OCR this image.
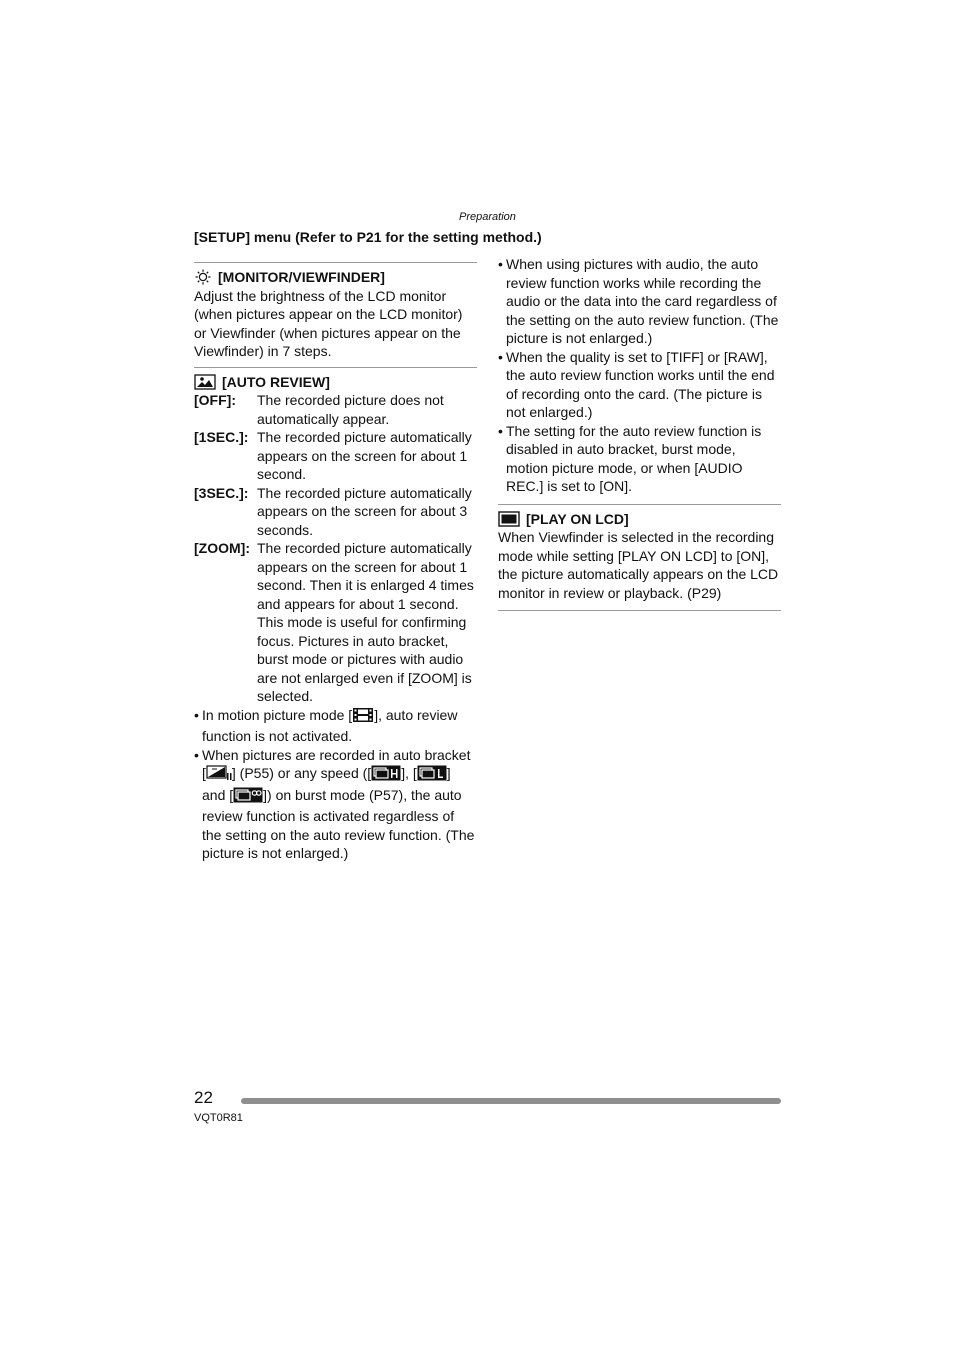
Preparation
[SETUP] menu (Refer to P21 for the setting method.)
[MONITOR/VIEWFINDER]
Adjust the brightness of the LCD monitor (when pictures appear on the LCD monitor) or Viewfinder (when pictures appear on the Viewfinder) in 7 steps.
[AUTO REVIEW]
[OFF]:	The recorded picture does not automatically appear.
[1SEC.]: The recorded picture automatically appears on the screen for about 1 second.
[3SEC.]: The recorded picture automatically appears on the screen for about 3 seconds.
[ZOOM]: The recorded picture automatically appears on the screen for about 1 second. Then it is enlarged 4 times and appears for about 1 second. This mode is useful for confirming focus. Pictures in auto bracket, burst mode or pictures with audio are not enlarged even if [ZOOM] is selected.
• In motion picture mode [ ], auto review function is not activated.
• When pictures are recorded in auto bracket [ ] (P55) or any speed ([ ], [ ] and [ ]) on burst mode (P57), the auto review function is activated regardless of the setting on the auto review function. (The picture is not enlarged.)
• When using pictures with audio, the auto review function works while recording the audio or the data into the card regardless of the setting on the auto review function. (The picture is not enlarged.)
• When the quality is set to [TIFF] or [RAW], the auto review function works until the end of recording onto the card. (The picture is not enlarged.)
• The setting for the auto review function is disabled in auto bracket, burst mode, motion picture mode, or when [AUDIO REC.] is set to [ON].
[PLAY ON LCD]
When Viewfinder is selected in the recording mode while setting [PLAY ON LCD] to [ON], the picture automatically appears on the LCD monitor in review or playback. (P29)
22
VQT0R81
